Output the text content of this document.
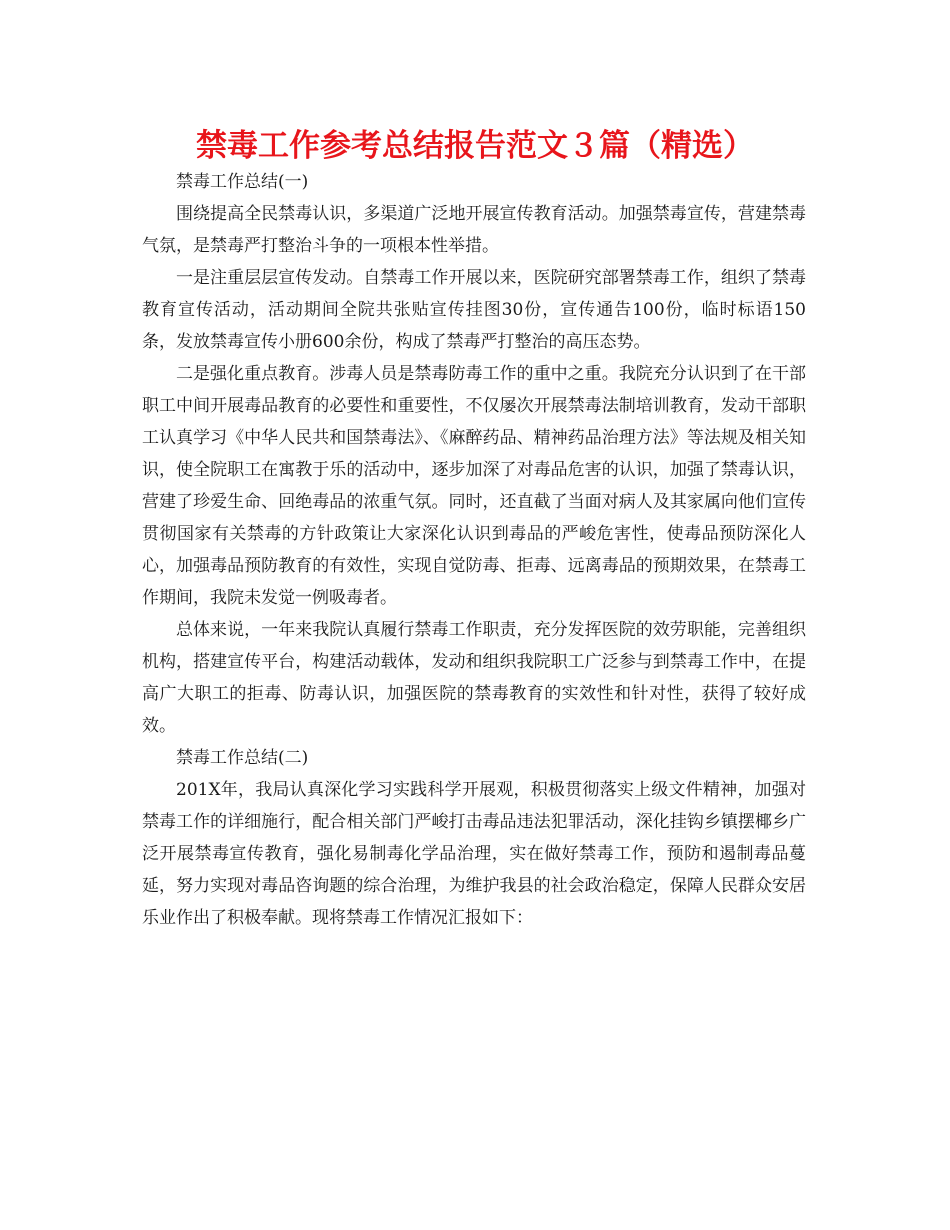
禁毒工作参考总结报告范文３篇（精选）

禁毒工作总结(一)

围绕提高全民禁毒认识，多渠道广泛地开展宣传教育活动。加强禁毒宣传，营建禁毒气氛，是禁毒严打整治斗争的一项根本性举措。

一是注重层层宣传发动。自禁毒工作开展以来，医院研究部署禁毒工作，组织了禁毒教育宣传活动，活动期间全院共张贴宣传挂图30份，宣传通告100份，临时标语150条，发放禁毒宣传小册600余份，构成了禁毒严打整治的高压态势。

二是强化重点教育。涉毒人员是禁毒防毒工作的重中之重。我院充分认识到了在干部职工中间开展毒品教育的必要性和重要性，不仅屡次开展禁毒法制培训教育，发动干部职工认真学习《中华人民共和国禁毒法》、《麻醉药品、精神药品治理方法》等法规及相关知识，使全院职工在寓教于乐的活动中，逐步加深了对毒品危害的认识，加强了禁毒认识，营建了珍爱生命、回绝毒品的浓重气氛。同时，还直截了当面对病人及其家属向他们宣传贯彻国家有关禁毒的方针政策让大家深化认识到毒品的严峻危害性，使毒品预防深化人心，加强毒品预防教育的有效性，实现自觉防毒、拒毒、远离毒品的预期效果，在禁毒工作期间，我院未发觉一例吸毒者。

总体来说，一年来我院认真履行禁毒工作职责，充分发挥医院的效劳职能，完善组织机构，搭建宣传平台，构建活动载体，发动和组织我院职工广泛参与到禁毒工作中，在提高广大职工的拒毒、防毒认识，加强医院的禁毒教育的实效性和针对性，获得了较好成效。

禁毒工作总结(二)

201X年，我局认真深化学习实践科学开展观，积极贯彻落实上级文件精神，加强对禁毒工作的详细施行，配合相关部门严峻打击毒品违法犯罪活动，深化挂钩乡镇摆椰乡广泛开展禁毒宣传教育，强化易制毒化学品治理，实在做好禁毒工作，预防和遏制毒品蔓延，努力实现对毒品咨询题的综合治理，为维护我县的社会政治稳定，保障人民群众安居乐业作出了积极奉献。现将禁毒工作情况汇报如下：
